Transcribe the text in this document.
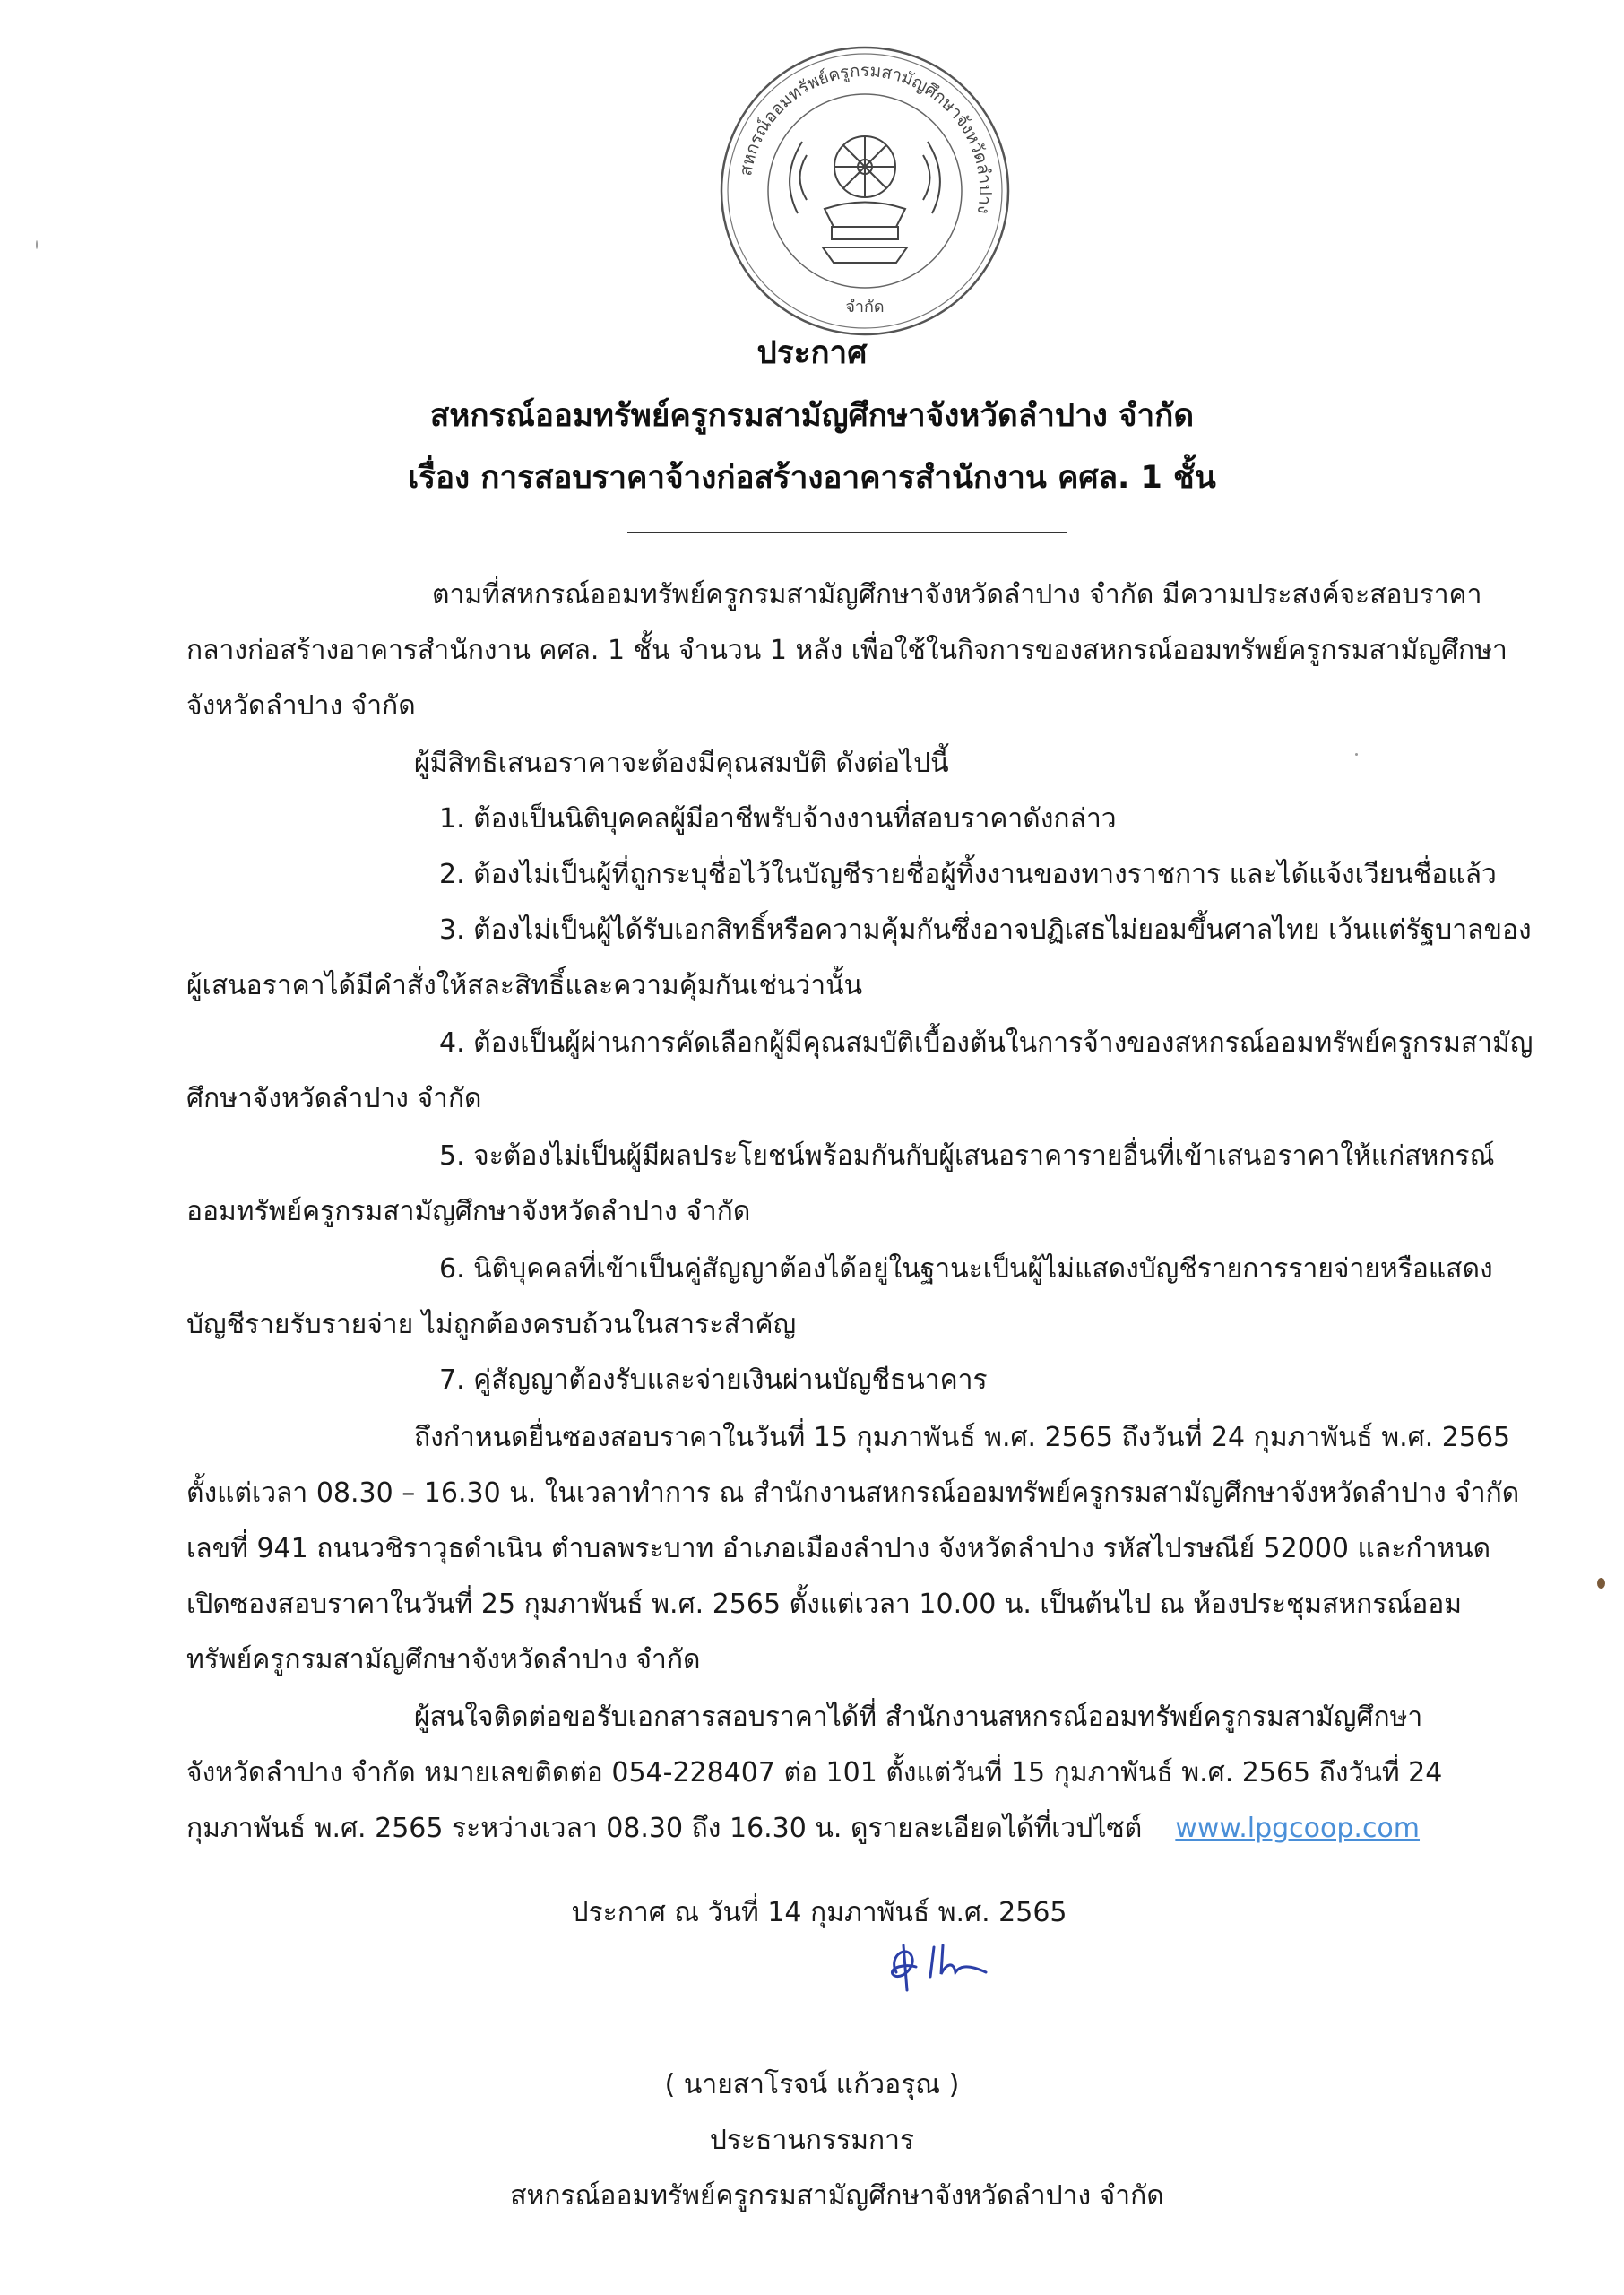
สหกรณ์ออมทรัพย์ครูกรมสามัญศึกษาจังหวัดลำปาง
จำกัด
ประกาศ
สหกรณ์ออมทรัพย์ครูกรมสามัญศึกษาจังหวัดลำปาง จำกัด
เรื่อง การสอบราคาจ้างก่อสร้างอาคารสำนักงาน คศล. 1 ชั้น
ตามที่สหกรณ์ออมทรัพย์ครูกรมสามัญศึกษาจังหวัดลำปาง จำกัด มีความประสงค์จะสอบราคา
กลางก่อสร้างอาคารสำนักงาน คศล. 1 ชั้น จำนวน 1 หลัง เพื่อใช้ในกิจการของสหกรณ์ออมทรัพย์ครูกรมสามัญศึกษา
จังหวัดลำปาง จำกัด
ผู้มีสิทธิเสนอราคาจะต้องมีคุณสมบัติ ดังต่อไปนี้
1. ต้องเป็นนิติบุคคลผู้มีอาชีพรับจ้างงานที่สอบราคาดังกล่าว
2. ต้องไม่เป็นผู้ที่ถูกระบุชื่อไว้ในบัญชีรายชื่อผู้ทิ้งงานของทางราชการ และได้แจ้งเวียนชื่อแล้ว
3. ต้องไม่เป็นผู้ได้รับเอกสิทธิ์หรือความคุ้มกันซึ่งอาจปฏิเสธไม่ยอมขึ้นศาลไทย เว้นแต่รัฐบาลของ
ผู้เสนอราคาได้มีคำสั่งให้สละสิทธิ์และความคุ้มกันเช่นว่านั้น
4. ต้องเป็นผู้ผ่านการคัดเลือกผู้มีคุณสมบัติเบื้องต้นในการจ้างของสหกรณ์ออมทรัพย์ครูกรมสามัญ
ศึกษาจังหวัดลำปาง จำกัด
5. จะต้องไม่เป็นผู้มีผลประโยชน์พร้อมกันกับผู้เสนอราคารายอื่นที่เข้าเสนอราคาให้แก่สหกรณ์
ออมทรัพย์ครูกรมสามัญศึกษาจังหวัดลำปาง จำกัด
6. นิติบุคคลที่เข้าเป็นคู่สัญญาต้องได้อยู่ในฐานะเป็นผู้ไม่แสดงบัญชีรายการรายจ่ายหรือแสดง
บัญชีรายรับรายจ่าย ไม่ถูกต้องครบถ้วนในสาระสำคัญ
7. คู่สัญญาต้องรับและจ่ายเงินผ่านบัญชีธนาคาร
ถึงกำหนดยื่นซองสอบราคาในวันที่ 15 กุมภาพันธ์ พ.ศ. 2565 ถึงวันที่ 24 กุมภาพันธ์ พ.ศ. 2565
ตั้งแต่เวลา 08.30 – 16.30 น. ในเวลาทำการ ณ สำนักงานสหกรณ์ออมทรัพย์ครูกรมสามัญศึกษาจังหวัดลำปาง จำกัด
เลขที่ 941 ถนนวชิราวุธดำเนิน ตำบลพระบาท อำเภอเมืองลำปาง จังหวัดลำปาง รหัสไปรษณีย์ 52000 และกำหนด
เปิดซองสอบราคาในวันที่ 25 กุมภาพันธ์ พ.ศ. 2565 ตั้งแต่เวลา 10.00 น. เป็นต้นไป ณ ห้องประชุมสหกรณ์ออม
ทรัพย์ครูกรมสามัญศึกษาจังหวัดลำปาง จำกัด
ผู้สนใจติดต่อขอรับเอกสารสอบราคาได้ที่ สำนักงานสหกรณ์ออมทรัพย์ครูกรมสามัญศึกษา
จังหวัดลำปาง จำกัด หมายเลขติดต่อ 054-228407 ต่อ 101 ตั้งแต่วันที่ 15 กุมภาพันธ์ พ.ศ. 2565 ถึงวันที่ 24
กุมภาพันธ์ พ.ศ. 2565 ระหว่างเวลา 08.30 ถึง 16.30 น. ดูรายละเอียดได้ที่เวปไซต์ www.lpgcoop.com
ประกาศ ณ วันที่ 14 กุมภาพันธ์ พ.ศ. 2565
( นายสาโรจน์ แก้วอรุณ )
ประธานกรรมการ
สหกรณ์ออมทรัพย์ครูกรมสามัญศึกษาจังหวัดลำปาง จำกัด
